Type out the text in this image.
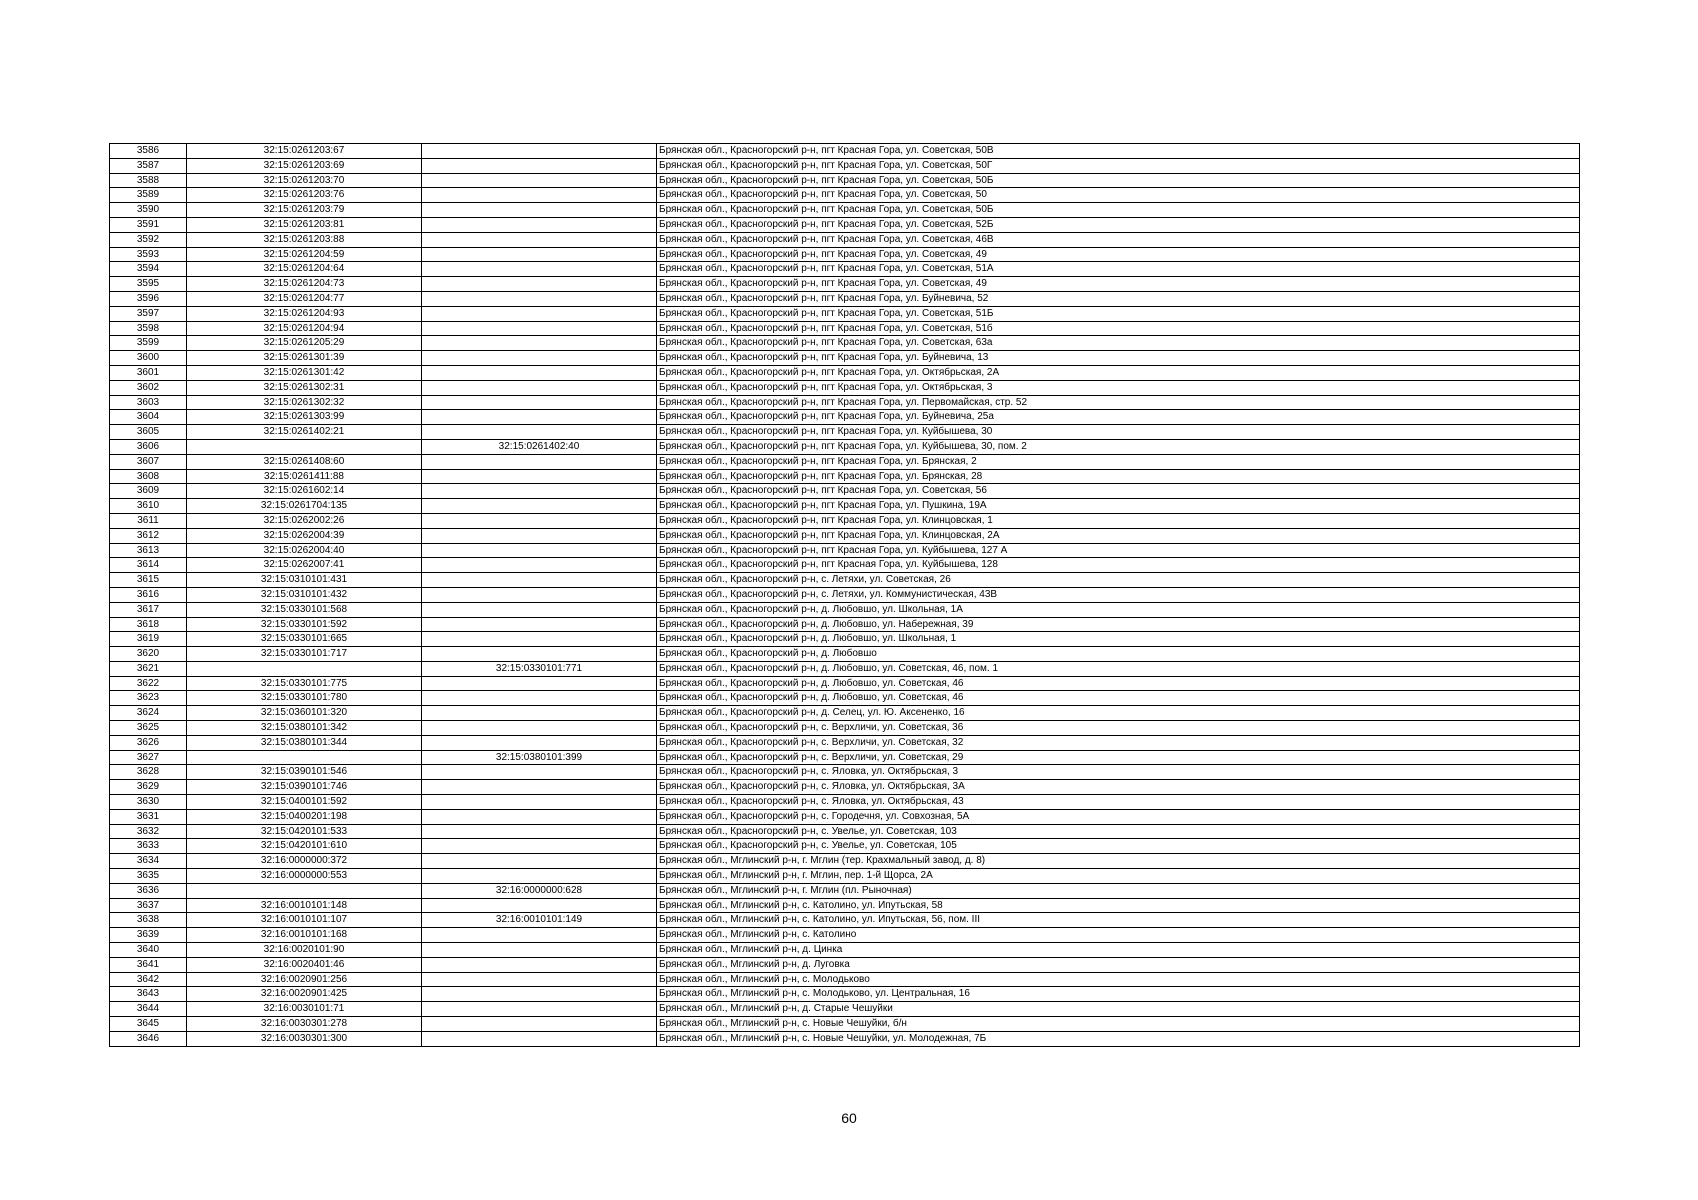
3586	32:15:0261203:67		Брянская обл., Красногорский р-н, пгт Красная Гора, ул. Советская, 50В
3587	32:15:0261203:69		Брянская обл., Красногорский р-н, пгт Красная Гора, ул. Советская, 50Г
3588	32:15:0261203:70		Брянская обл., Красногорский р-н, пгт Красная Гора, ул. Советская, 50Б
3589	32:15:0261203:76		Брянская обл., Красногорский р-н, пгт Красная Гора, ул. Советская, 50
3590	32:15:0261203:79		Брянская обл., Красногорский р-н, пгт Красная Гора, ул. Советская, 50Б
3591	32:15:0261203:81		Брянская обл., Красногорский р-н, пгт Красная Гора, ул. Советская, 52Б
3592	32:15:0261203:88		Брянская обл., Красногорский р-н, пгт Красная Гора, ул. Советская, 46В
3593	32:15:0261204:59		Брянская обл., Красногорский р-н, пгт Красная Гора, ул. Советская, 49
3594	32:15:0261204:64		Брянская обл., Красногорский р-н, пгт Красная Гора, ул. Советская, 51А
3595	32:15:0261204:73		Брянская обл., Красногорский р-н, пгт Красная Гора, ул. Советская, 49
3596	32:15:0261204:77		Брянская обл., Красногорский р-н, пгт Красная Гора, ул. Буйневича, 52
3597	32:15:0261204:93		Брянская обл., Красногорский р-н, пгт Красная Гора, ул. Советская, 51Б
3598	32:15:0261204:94		Брянская обл., Красногорский р-н, пгт Красная Гора, ул. Советская, 51б
3599	32:15:0261205:29		Брянская обл., Красногорский р-н, пгт Красная Гора, ул. Советская, 63а
3600	32:15:0261301:39		Брянская обл., Красногорский р-н, пгт Красная Гора, ул. Буйневича, 13
3601	32:15:0261301:42		Брянская обл., Красногорский р-н, пгт Красная Гора, ул. Октябрьская, 2А
3602	32:15:0261302:31		Брянская обл., Красногорский р-н, пгт Красная Гора, ул. Октябрьская, 3
3603	32:15:0261302:32		Брянская обл., Красногорский р-н, пгт Красная Гора, ул. Первомайская, стр. 52
3604	32:15:0261303:99		Брянская обл., Красногорский р-н, пгт Красная Гора, ул. Буйневича, 25а
3605	32:15:0261402:21		Брянская обл., Красногорский р-н, пгт Красная Гора, ул. Куйбышева, 30
3606		32:15:0261402:40	Брянская обл., Красногорский р-н, пгт Красная Гора, ул. Куйбышева, 30, пом. 2
3607	32:15:0261408:60		Брянская обл., Красногорский р-н, пгт Красная Гора, ул. Брянская, 2
3608	32:15:0261411:88		Брянская обл., Красногорский р-н, пгт Красная Гора, ул. Брянская, 28
3609	32:15:0261602:14		Брянская обл., Красногорский р-н, пгт Красная Гора, ул. Советская, 56
3610	32:15:0261704:135		Брянская обл., Красногорский р-н, пгт Красная Гора, ул. Пушкина, 19А
3611	32:15:0262002:26		Брянская обл., Красногорский р-н, пгт Красная Гора, ул. Клинцовская, 1
3612	32:15:0262004:39		Брянская обл., Красногорский р-н, пгт Красная Гора, ул. Клинцовская, 2А
3613	32:15:0262004:40		Брянская обл., Красногорский р-н, пгт Красная Гора, ул. Куйбышева, 127 А
3614	32:15:0262007:41		Брянская обл., Красногорский р-н, пгт Красная Гора, ул. Куйбышева, 128
3615	32:15:0310101:431		Брянская обл., Красногорский р-н, с. Летяхи, ул. Советская, 26
3616	32:15:0310101:432		Брянская обл., Красногорский р-н, с. Летяхи, ул. Коммунистическая, 43В
3617	32:15:0330101:568		Брянская обл., Красногорский р-н, д. Любовшо, ул. Школьная, 1А
3618	32:15:0330101:592		Брянская обл., Красногорский р-н, д. Любовшо, ул. Набережная, 39
3619	32:15:0330101:665		Брянская обл., Красногорский р-н, д. Любовшо, ул. Школьная, 1
3620	32:15:0330101:717		Брянская обл., Красногорский р-н, д. Любовшо
3621		32:15:0330101:771	Брянская обл., Красногорский р-н, д. Любовшо, ул. Советская, 46, пом. 1
3622	32:15:0330101:775		Брянская обл., Красногорский р-н, д. Любовшо, ул. Советская, 46
3623	32:15:0330101:780		Брянская обл., Красногорский р-н, д. Любовшо, ул. Советская, 46
3624	32:15:0360101:320		Брянская обл., Красногорский р-н, д. Селец, ул. Ю. Аксененко, 16
3625	32:15:0380101:342		Брянская обл., Красногорский р-н, с. Верхличи, ул. Советская, 36
3626	32:15:0380101:344		Брянская обл., Красногорский р-н, с. Верхличи, ул. Советская, 32
3627		32:15:0380101:399	Брянская обл., Красногорский р-н, с. Верхличи, ул. Советская, 29
3628	32:15:0390101:546		Брянская обл., Красногорский р-н, с. Яловка, ул. Октябрьская, 3
3629	32:15:0390101:746		Брянская обл., Красногорский р-н, с. Яловка, ул. Октябрьская, 3А
3630	32:15:0400101:592		Брянская обл., Красногорский р-н, с. Яловка, ул. Октябрьская, 43
3631	32:15:0400201:198		Брянская обл., Красногорский р-н, с. Городечня, ул. Совхозная, 5А
3632	32:15:0420101:533		Брянская обл., Красногорский р-н, с. Увелье, ул. Советская, 103
3633	32:15:0420101:610		Брянская обл., Красногорский р-н, с. Увелье, ул. Советская, 105
3634	32:16:0000000:372		Брянская обл., Мглинский р-н, г. Мглин (тер. Крахмальный завод, д. 8)
3635	32:16:0000000:553		Брянская обл., Мглинский р-н, г. Мглин, пер. 1-й Щорса, 2А
3636		32:16:0000000:628	Брянская обл., Мглинский р-н, г. Мглин (пл. Рыночная)
3637	32:16:0010101:148		Брянская обл., Мглинский р-н, с. Католино, ул. Ипутьская, 58
3638	32:16:0010101:107	32:16:0010101:149	Брянская обл., Мглинский р-н, с. Католино, ул. Ипутьская, 56, пом. III
3639	32:16:0010101:168		Брянская обл., Мглинский р-н, с. Католино
3640	32:16:0020101:90		Брянская обл., Мглинский р-н, д. Цинка
3641	32:16:0020401:46		Брянская обл., Мглинский р-н, д. Луговка
3642	32:16:0020901:256		Брянская обл., Мглинский р-н, с. Молодьково
3643	32:16:0020901:425		Брянская обл., Мглинский р-н, с. Молодьково, ул. Центральная, 16
3644	32:16:0030101:71		Брянская обл., Мглинский р-н, д. Старые Чешуйки
3645	32:16:0030301:278		Брянская обл., Мглинский р-н, с. Новые Чешуйки, б/н
3646	32:16:0030301:300		Брянская обл., Мглинский р-н, с. Новые Чешуйки, ул. Молодежная, 7Б
60
